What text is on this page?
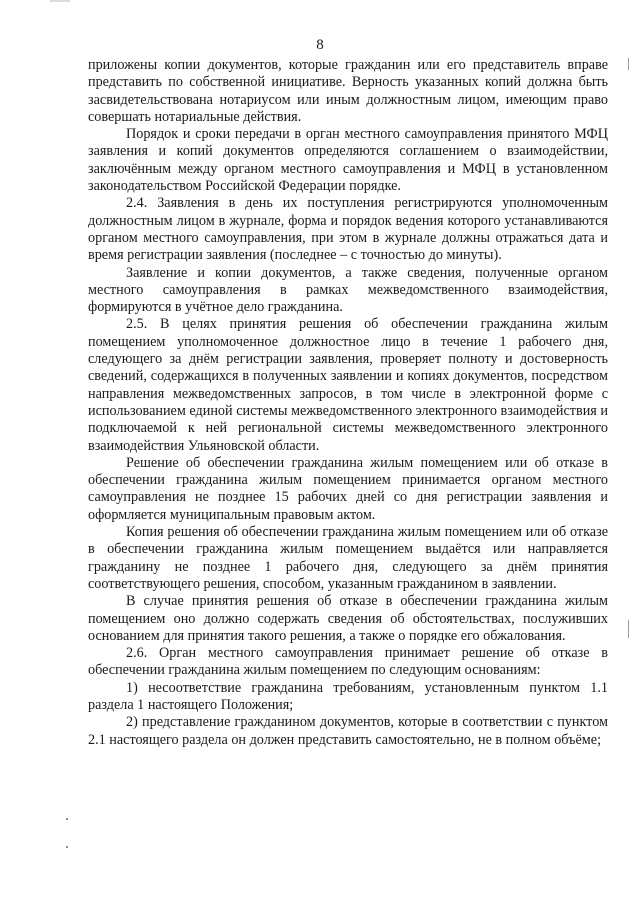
8

приложены копии документов, которые гражданин или его представитель вправе представить по собственной инициативе. Верность указанных копий должна быть засвидетельствована нотариусом или иным должностным лицом, имеющим право совершать нотариальные действия.

Порядок и сроки передачи в орган местного самоуправления принятого МФЦ заявления и копий документов определяются соглашением о взаимодействии, заключённым между органом местного самоуправления и МФЦ в установленном законодательством Российской Федерации порядке.

2.4. Заявления в день их поступления регистрируются уполномоченным должностным лицом в журнале, форма и порядок ведения которого устанавливаются органом местного самоуправления, при этом в журнале должны отражаться дата и время регистрации заявления (последнее – с точностью до минуты).

Заявление и копии документов, а также сведения, полученные органом местного самоуправления в рамках межведомственного взаимодействия, формируются в учётное дело гражданина.

2.5. В целях принятия решения об обеспечении гражданина жилым помещением уполномоченное должностное лицо в течение 1 рабочего дня, следующего за днём регистрации заявления, проверяет полноту и достоверность сведений, содержащихся в полученных заявлении и копиях документов, посредством направления межведомственных запросов, в том числе в электронной форме с использованием единой системы межведомственного электронного взаимодействия и подключаемой к ней региональной системы межведомственного электронного взаимодействия Ульяновской области.

Решение об обеспечении гражданина жилым помещением или об отказе в обеспечении гражданина жилым помещением принимается органом местного самоуправления не позднее 15 рабочих дней со дня регистрации заявления и оформляется муниципальным правовым актом.

Копия решения об обеспечении гражданина жилым помещением или об отказе в обеспечении гражданина жилым помещением выдаётся или направляется гражданину не позднее 1 рабочего дня, следующего за днём принятия соответствующего решения, способом, указанным гражданином в заявлении.

В случае принятия решения об отказе в обеспечении гражданина жилым помещением оно должно содержать сведения об обстоятельствах, послуживших основанием для принятия такого решения, а также о порядке его обжалования.

2.6. Орган местного самоуправления принимает решение об отказе в обеспечении гражданина жилым помещением по следующим основаниям:

1) несоответствие гражданина требованиям, установленным пунктом 1.1 раздела 1 настоящего Положения;

2) представление гражданином документов, которые в соответствии с пунктом 2.1 настоящего раздела он должен представить самостоятельно, не в полном объёме;
